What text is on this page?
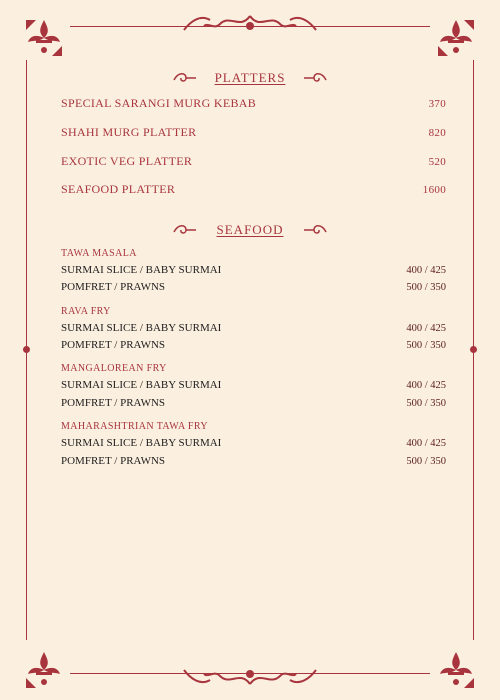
PLATTERS
SPECIAL SARANGI MURG KEBAB	370
SHAHI MURG PLATTER	820
EXOTIC VEG PLATTER	520
SEAFOOD PLATTER	1600
SEAFOOD
TAWA MASALA
SURMAI SLICE / BABY SURMAI	400 / 425
POMFRET / PRAWNS	500 / 350
RAVA FRY
SURMAI SLICE / BABY SURMAI	400 / 425
POMFRET / PRAWNS	500 / 350
MANGALOREAN FRY
SURMAI SLICE / BABY SURMAI	400 / 425
POMFRET / PRAWNS	500 / 350
MAHARASHTRIAN TAWA FRY
SURMAI SLICE / BABY SURMAI	400 / 425
POMFRET / PRAWNS	500 / 350
